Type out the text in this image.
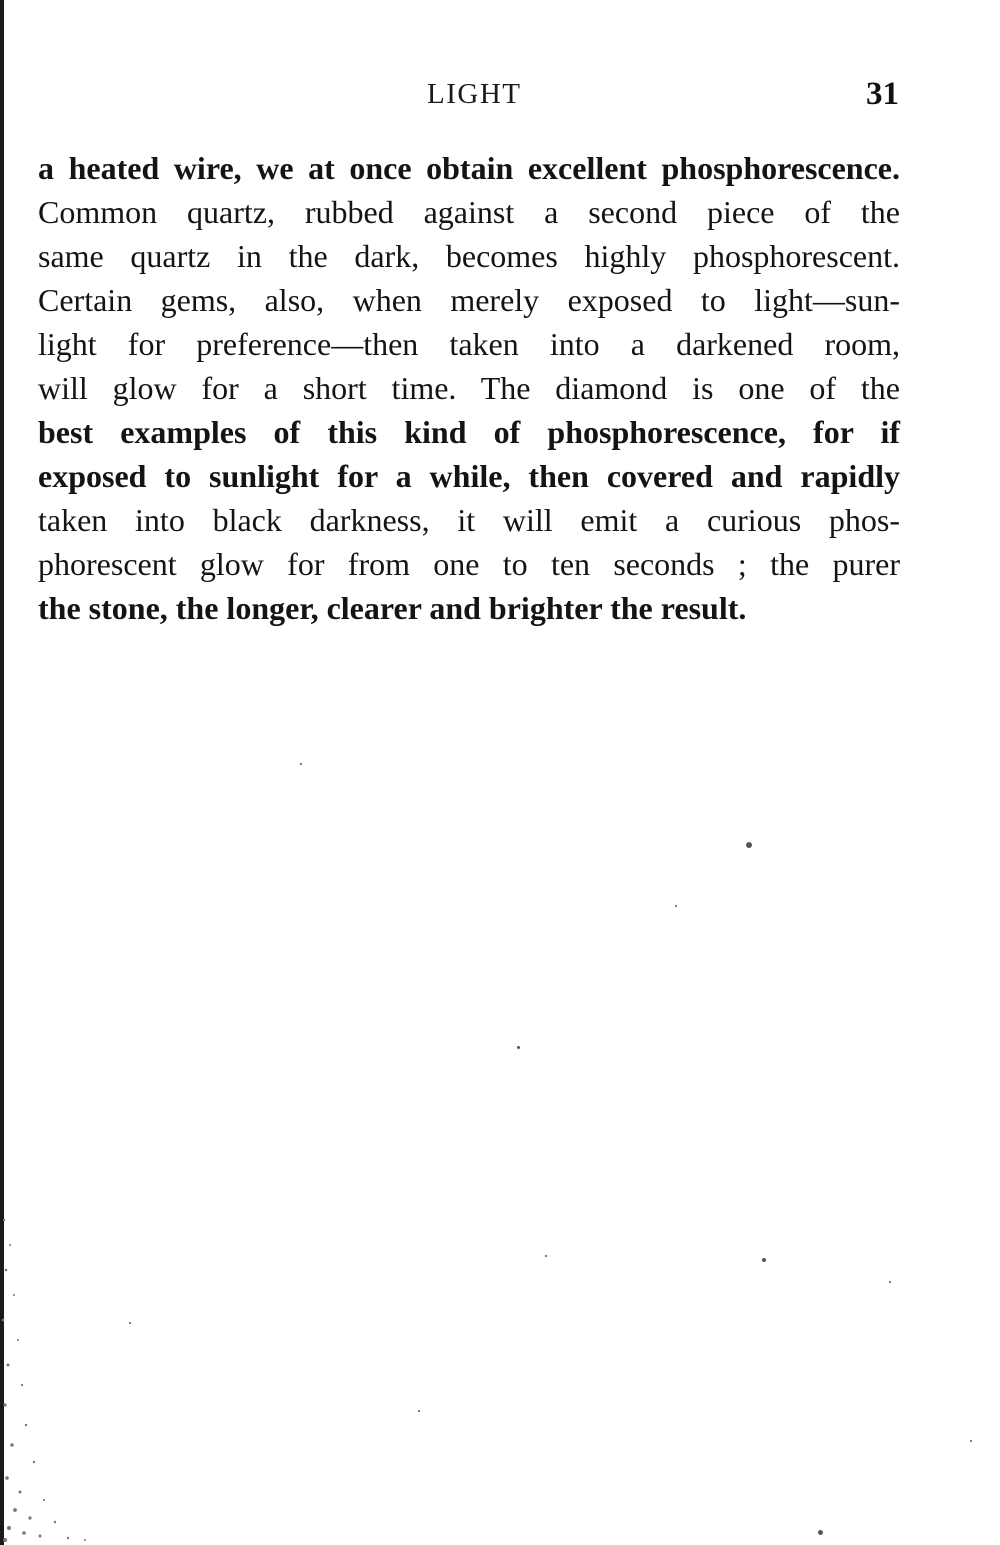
LIGHT	31
a heated wire, we at once obtain excellent phosphorescence.
Common quartz, rubbed against a second piece of the
same quartz in the dark, becomes highly phosphorescent.
Certain gems, also, when merely exposed to light—sun-
light for preference—then taken into a darkened room,
will glow for a short time. The diamond is one of the
best examples of this kind of phosphorescence, for if
exposed to sunlight for a while, then covered and rapidly
taken into black darkness, it will emit a curious phos-
phorescent glow for from one to ten seconds ; the purer
the stone, the longer, clearer and brighter the result.
